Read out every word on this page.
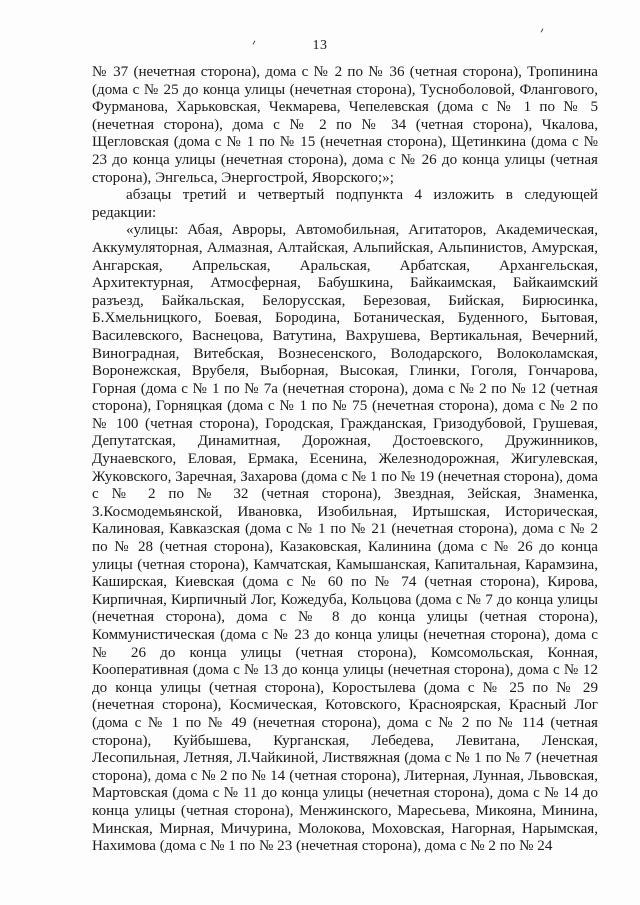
13

№ 37 (нечетная сторона), дома с № 2 по № 36 (четная сторона), Тропинина (дома с № 25 до конца улицы (нечетная сторона), Тусноболовой, Флангового, Фурманова, Харьковская, Чекмарева, Чепелевская (дома с № 1 по № 5 (нечетная сторона), дома с № 2 по № 34 (четная сторона), Чкалова, Щегловская (дома с № 1 по № 15 (нечетная сторона), Щетинкина (дома с № 23 до конца улицы (нечетная сторона), дома с № 26 до конца улицы (четная сторона), Энгельса, Энергострой, Яворского;»;

абзацы третий и четвертый подпункта 4 изложить в следующей редакции:

«улицы: Абая, Авроры, Автомобильная, Агитаторов, Академическая, Аккумуляторная, Алмазная, Алтайская, Альпийская, Альпинистов, Амурская, Ангарская, Апрельская, Аральская, Арбатская, Архангельская, Архитектурная, Атмосферная, Бабушкина, Байкаимская, Байкаимский разъезд, Байкальская, Белорусская, Березовая, Бийская, Бирюсинка, Б.Хмельницкого, Боевая, Бородина, Ботаническая, Буденного, Бытовая, Василевского, Васнецова, Ватутина, Вахрушева, Вертикальная, Вечерний, Виноградная, Витебская, Вознесенского, Володарского, Волоколамская, Воронежская, Врубеля, Выборная, Высокая, Глинки, Гоголя, Гончарова, Горная (дома с № 1 по № 7а (нечетная сторона), дома с № 2 по № 12 (четная сторона), Горняцкая (дома с № 1 по № 75 (нечетная сторона), дома с № 2 по № 100 (четная сторона), Городская, Гражданская, Гризодубовой, Грушевая, Депутатская, Динамитная, Дорожная, Достоевского, Дружинников, Дунаевского, Еловая, Ермака, Есенина, Железнодорожная, Жигулевская, Жуковского, Заречная, Захарова (дома с № 1 по № 19 (нечетная сторона), дома с № 2 по № 32 (четная сторона), Звездная, Зейская, Знаменка, З.Космодемьянской, Ивановка, Изобильная, Иртышская, Историческая, Калиновая, Кавказская (дома с № 1 по № 21 (нечетная сторона), дома с № 2 по № 28 (четная сторона), Казаковская, Калинина (дома с № 26 до конца улицы (четная сторона), Камчатская, Камышанская, Капитальная, Карамзина, Каширская, Киевская (дома с № 60 по № 74 (четная сторона), Кирова, Кирпичная, Кирпичный Лог, Кожедуба, Кольцова (дома с № 7 до конца улицы (нечетная сторона), дома с № 8 до конца улицы (четная сторона), Коммунистическая (дома с № 23 до конца улицы (нечетная сторона), дома с № 26 до конца улицы (четная сторона), Комсомольская, Конная, Кооперативная (дома с № 13 до конца улицы (нечетная сторона), дома с № 12 до конца улицы (четная сторона), Коростылева (дома с № 25 по № 29 (нечетная сторона), Космическая, Котовского, Красноярская, Красный Лог (дома с № 1 по № 49 (нечетная сторона), дома с № 2 по № 114 (четная сторона), Куйбышева, Курганская, Лебедева, Левитана, Ленская, Лесопильная, Летняя, Л.Чайкиной, Листвяжная (дома с № 1 по № 7 (нечетная сторона), дома с № 2 по № 14 (четная сторона), Литерная, Лунная, Львовская, Мартовская (дома с № 11 до конца улицы (нечетная сторона), дома с № 14 до конца улицы (четная сторона), Менжинского, Маресьева, Микояна, Минина, Минская, Мирная, Мичурина, Молокова, Моховская, Нагорная, Нарымская, Нахимова (дома с № 1 по № 23 (нечетная сторона), дома с № 2 по № 24
